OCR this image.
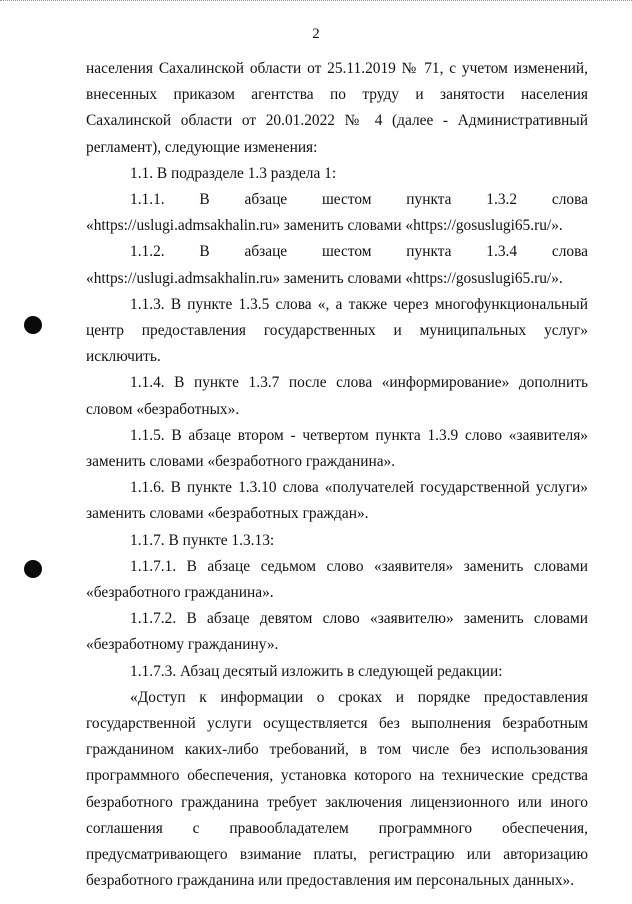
2

населения Сахалинской области от 25.11.2019 № 71, с учетом изменений, внесенных приказом агентства по труду и занятости населения Сахалинской области от 20.01.2022 № 4 (далее - Административный регламент), следующие изменения:

1.1. В подразделе 1.3 раздела 1:

1.1.1. В абзаце шестом пункта 1.3.2 слова «https://uslugi.admsakhalin.ru» заменить словами «https://gosuslugi65.ru/».

1.1.2. В абзаце шестом пункта 1.3.4 слова «https://uslugi.admsakhalin.ru» заменить словами «https://gosuslugi65.ru/».

1.1.3. В пункте 1.3.5 слова «, а также через многофункциональный центр предоставления государственных и муниципальных услуг» исключить.

1.1.4. В пункте 1.3.7 после слова «информирование» дополнить словом «безработных».

1.1.5. В абзаце втором - четвертом пункта 1.3.9 слово «заявителя» заменить словами «безработного гражданина».

1.1.6. В пункте 1.3.10 слова «получателей государственной услуги» заменить словами «безработных граждан».

1.1.7. В пункте 1.3.13:

1.1.7.1. В абзаце седьмом слово «заявителя» заменить словами «безработного гражданина».

1.1.7.2. В абзаце девятом слово «заявителю» заменить словами «безработному гражданину».

1.1.7.3. Абзац десятый изложить в следующей редакции:

«Доступ к информации о сроках и порядке предоставления государственной услуги осуществляется без выполнения безработным гражданином каких-либо требований, в том числе без использования программного обеспечения, установка которого на технические средства безработного гражданина требует заключения лицензионного или иного соглашения с правообладателем программного обеспечения, предусматривающего взимание платы, регистрацию или авторизацию безработного гражданина или предоставления им персональных данных».
